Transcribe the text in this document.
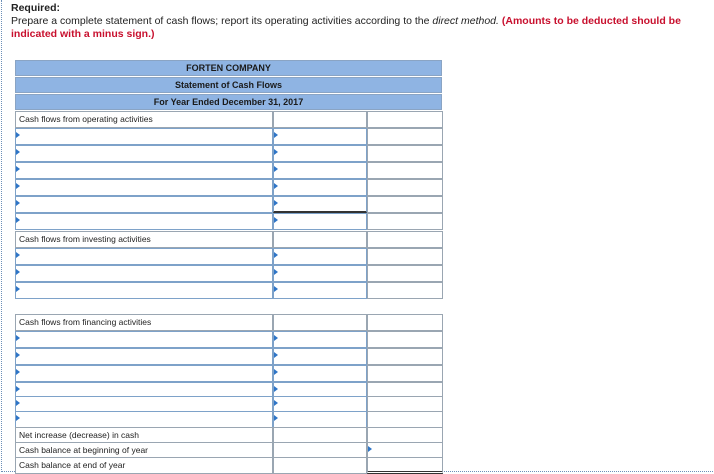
Required:
Prepare a complete statement of cash flows; report its operating activities according to the direct method. (Amounts to be deducted should be indicated with a minus sign.)
FORTEN COMPANY
Statement of Cash Flows
For Year Ended December 31, 2017
Cash flows from operating activities
Cash flows from investing activities
Cash flows from financing activities
Net increase (decrease) in cash
Cash balance at beginning of year
Cash balance at end of year
